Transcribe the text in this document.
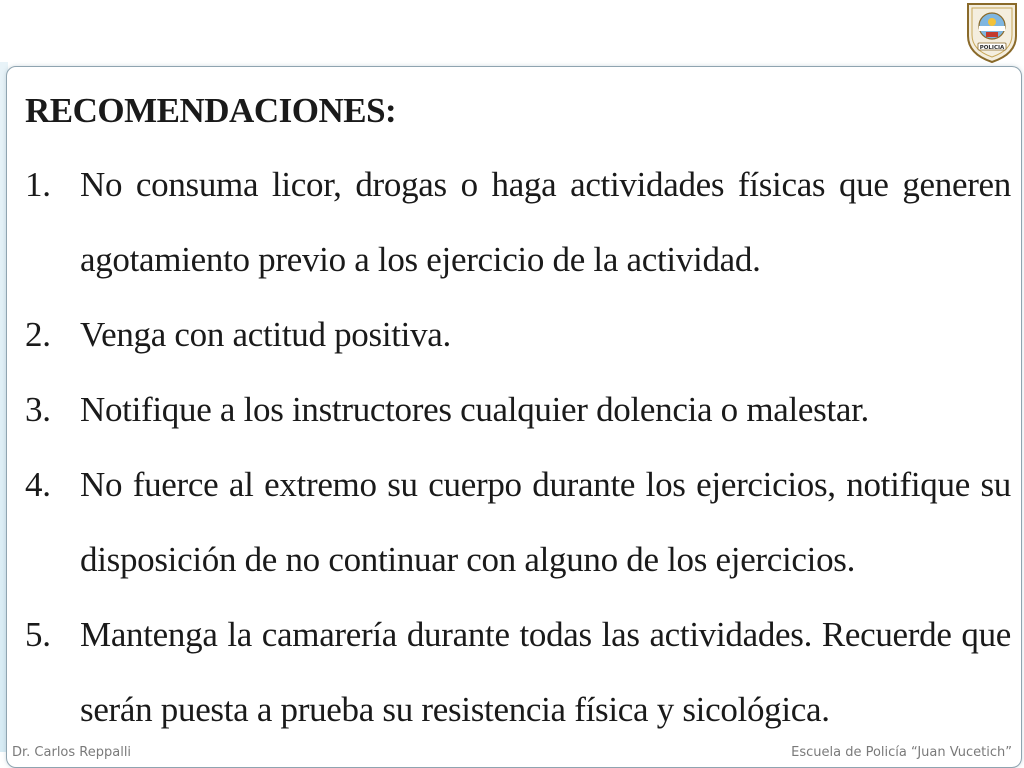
POLICIA
RECOMENDACIONES:
1. No consuma licor, drogas o haga actividades físicas que generen agotamiento previo a los ejercicio de la actividad.
2. Venga con actitud positiva.
3. Notifique a los instructores cualquier dolencia o malestar.
4. No fuerce al extremo su cuerpo durante los ejercicios, notifique su disposición de no continuar con alguno de los ejercicios.
5. Mantenga la camarería durante todas las actividades. Recuerde que serán puesta a prueba su resistencia física y sicológica.
Dr. Carlos Reppalli	Escuela de Policía “Juan Vucetich”
